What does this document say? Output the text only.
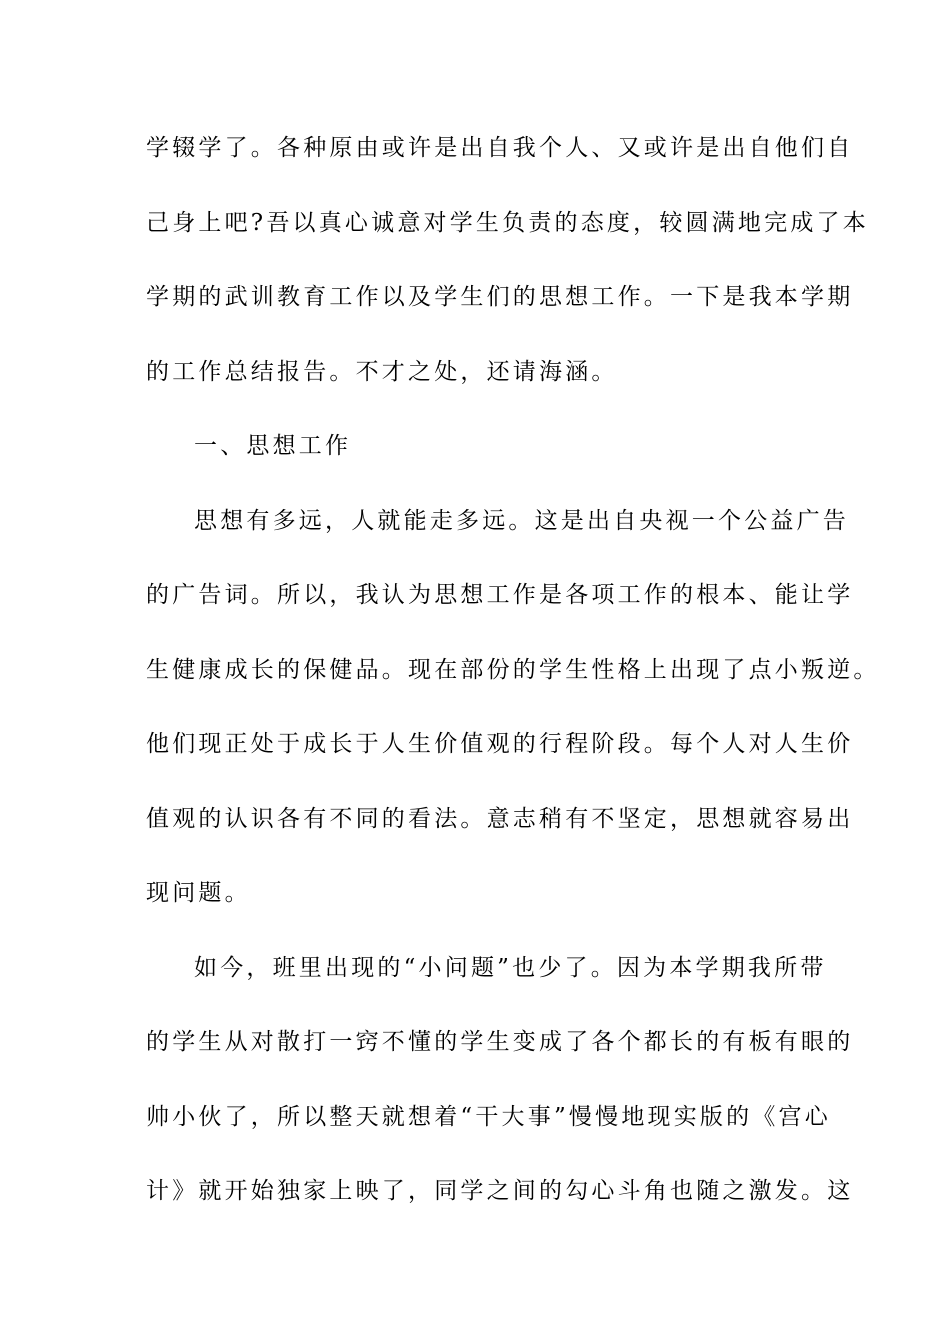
学辍学了。各种原由或许是出自我个人、又或许是出自他们自
己身上吧?吾以真心诚意对学生负责的态度，较圆满地完成了本
学期的武训教育工作以及学生们的思想工作。一下是我本学期
的工作总结报告。不才之处，还请海涵。
一、思想工作
思想有多远，人就能走多远。这是出自央视一个公益广告
的广告词。所以，我认为思想工作是各项工作的根本、能让学
生健康成长的保健品。现在部份的学生性格上出现了点小叛逆。
他们现正处于成长于人生价值观的行程阶段。每个人对人生价
值观的认识各有不同的看法。意志稍有不坚定，思想就容易出
现问题。
如今，班里出现的“小问题”也少了。因为本学期我所带
的学生从对散打一窍不懂的学生变成了各个都长的有板有眼的
帅小伙了，所以整天就想着“干大事”慢慢地现实版的《宫心
计》就开始独家上映了，同学之间的勾心斗角也随之激发。这
